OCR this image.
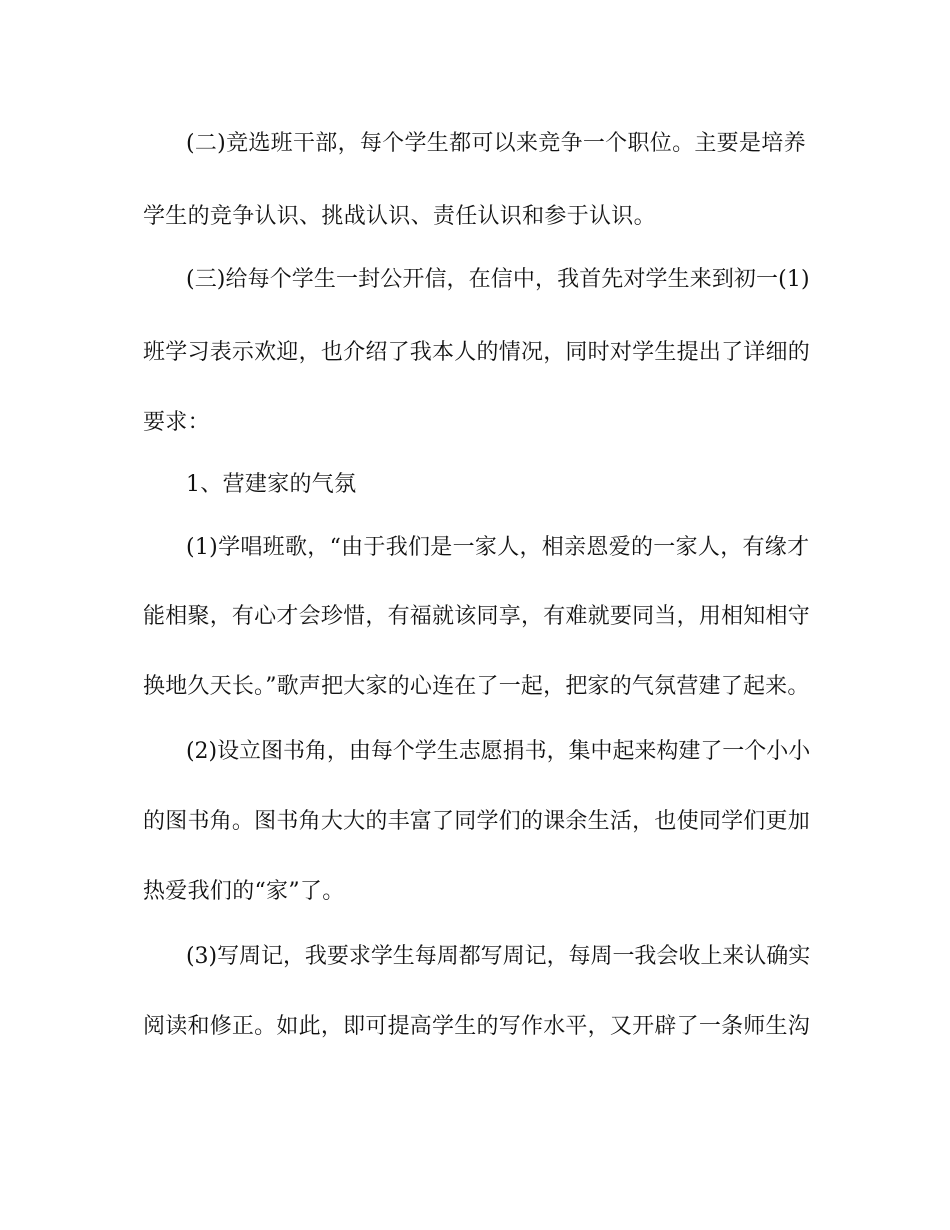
(二)竞选班干部，每个学生都可以来竞争一个职位。主要是培养
学生的竞争认识、挑战认识、责任认识和参于认识。
(三)给每个学生一封公开信，在信中，我首先对学生来到初一(1)
班学习表示欢迎，也介绍了我本人的情况，同时对学生提出了详细的
要求：
1、营建家的气氛
(1)学唱班歌，“由于我们是一家人，相亲恩爱的一家人，有缘才
能相聚，有心才会珍惜，有福就该同享，有难就要同当，用相知相守
换地久天长。”歌声把大家的心连在了一起，把家的气氛营建了起来。
(2)设立图书角，由每个学生志愿捐书，集中起来构建了一个小小
的图书角。图书角大大的丰富了同学们的课余生活，也使同学们更加
热爱我们的“家”了。
(3)写周记，我要求学生每周都写周记，每周一我会收上来认确实
阅读和修正。如此，即可提高学生的写作水平，又开辟了一条师生沟
